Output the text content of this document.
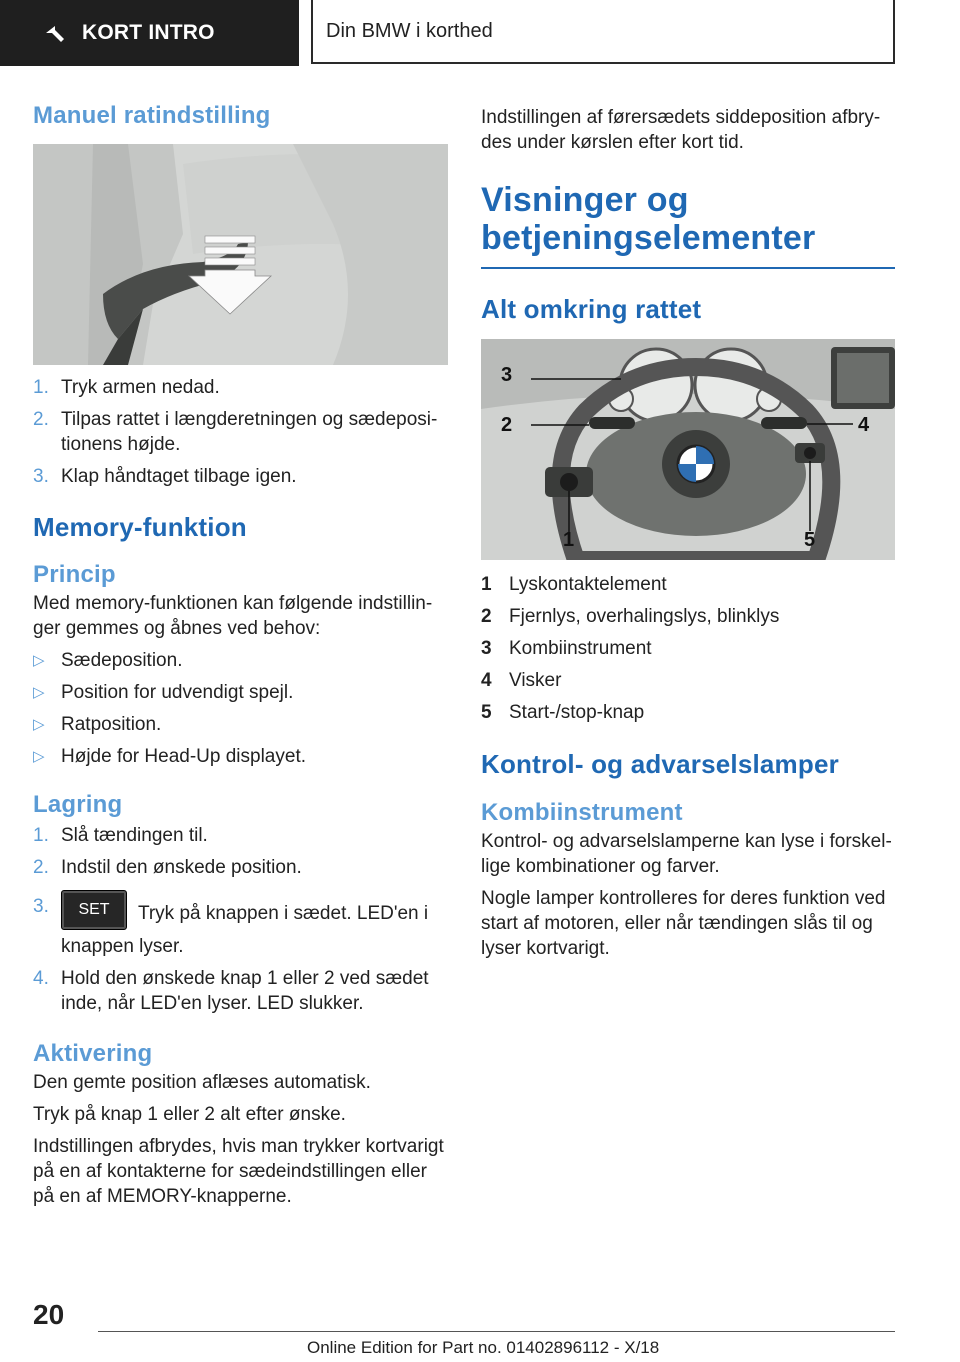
KORT INTRO	Din BMW i korthed
Manuel ratindstilling
1. Tryk armen nedad.
2. Tilpas rattet i længderetningen og sædeposi-tionens højde.
3. Klap håndtaget tilbage igen.
Memory-funktion
Princip

Med memory-funktionen kan følgende indstillin-ger gemmes og åbnes ved behov:

▷ Sædeposition.
▷ Position for udvendigt spejl.
▷ Ratposition.
▷ Højde for Head-Up displayet.
Lagring
1. Slå tændingen til.
2. Indstil den ønskede position.
3. SET Tryk på knappen i sædet. LED'en i knappen lyser.
4. Hold den ønskede knap 1 eller 2 ved sædet inde, når LED'en lyser. LED slukker.
Aktivering

Den gemte position aflæses automatisk.

Tryk på knap 1 eller 2 alt efter ønske.

Indstillingen afbrydes, hvis man trykker kortvarigt på en af kontakterne for sædeindstillingen eller på en af MEMORY-knapperne.

Indstillingen af førersædets siddeposition afbry-des under kørslen efter kort tid.

Visninger og betjeningselementer
Alt omkring rattet
3
2	4
1	5
1 Lyskontaktelement
2 Fjernlys, overhalingslys, blinklys
3 Kombiinstrument
4 Visker
5 Start-/stop-knap
Kontrol- og advarselslamper
Kombiinstrument

Kontrol- og advarselslamperne kan lyse i forskel-lige kombinationer og farver.

Nogle lamper kontrolleres for deres funktion ved start af motoren, eller når tændingen slås til og lyser kortvarigt.

20
Online Edition for Part no. 01402896112 - X/18
